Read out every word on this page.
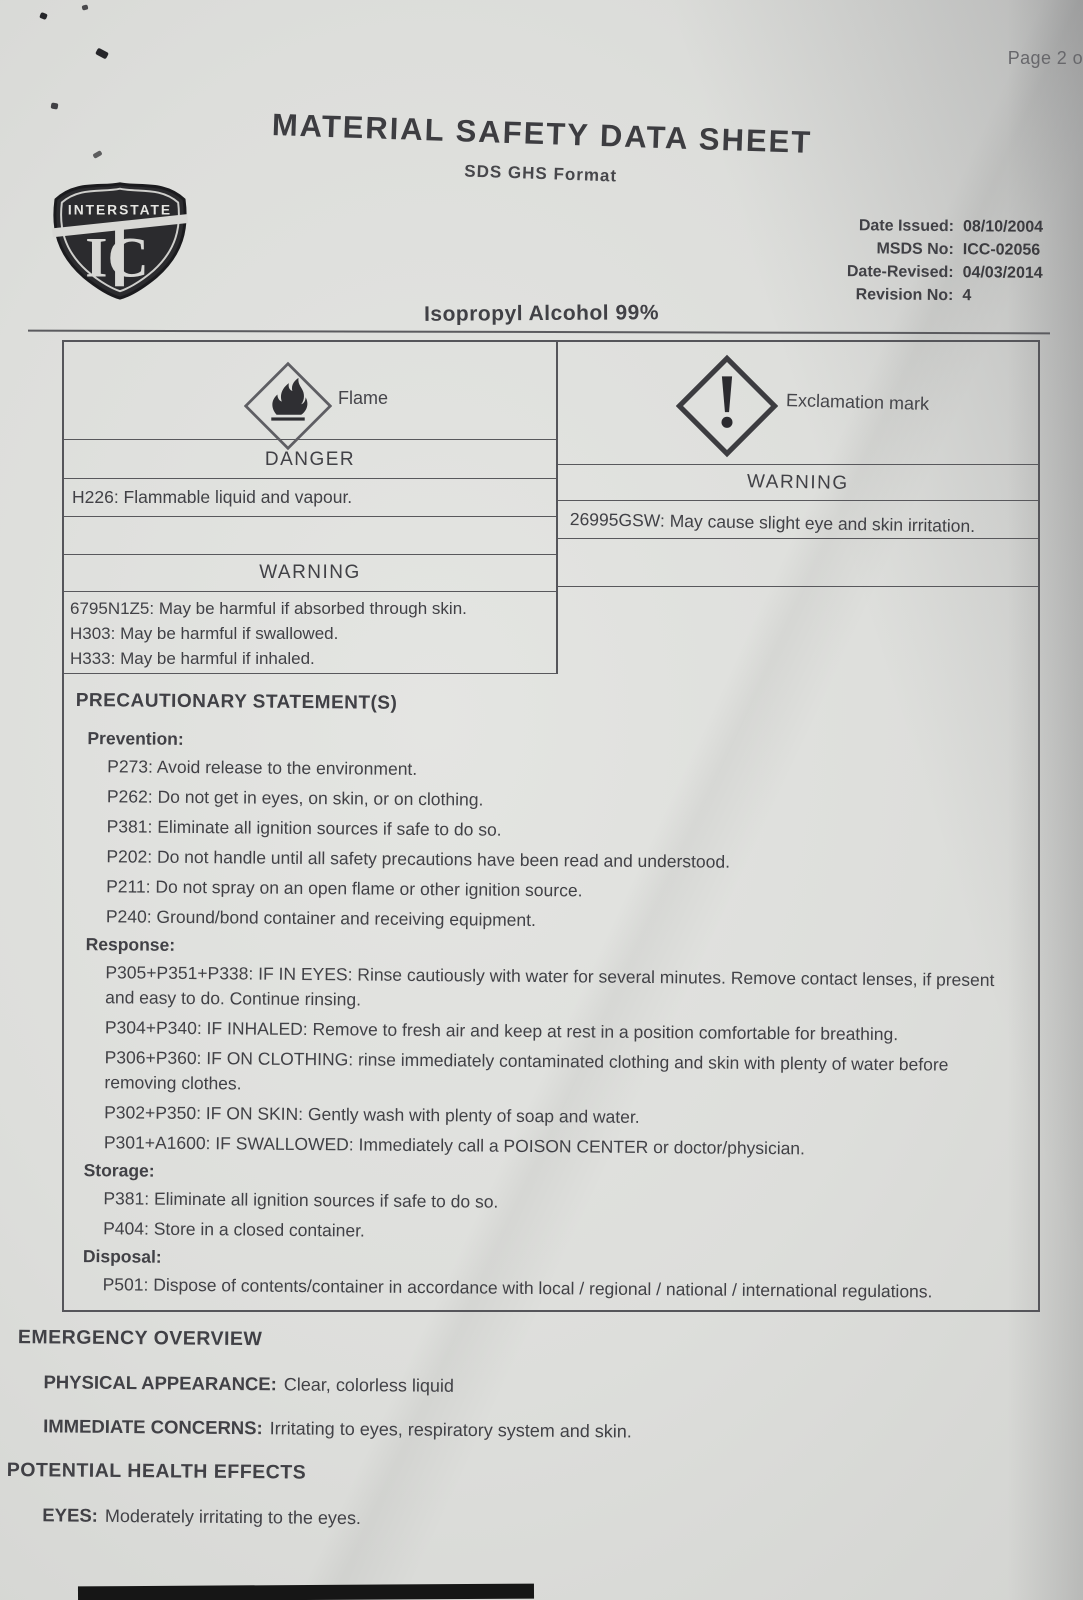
Page 2 o
MATERIAL SAFETY DATA SHEET
SDS GHS Format
INTERSTATE
IC
Date Issued: 08/10/2004
MSDS No: ICC-02056
Date-Revised: 04/03/2014
Revision No: 4
Isopropyl Alcohol 99%
Flame
DANGER
H226: Flammable liquid and vapour.
WARNING
6795N1Z5: May be harmful if absorbed through skin.
H303: May be harmful if swallowed.
H333: May be harmful if inhaled.
Exclamation mark
WARNING
26995GSW: May cause slight eye and skin irritation.
PRECAUTIONARY STATEMENT(S)
Prevention:
P273: Avoid release to the environment.
P262: Do not get in eyes, on skin, or on clothing.
P381: Eliminate all ignition sources if safe to do so.
P202: Do not handle until all safety precautions have been read and understood.
P211: Do not spray on an open flame or other ignition source.
P240: Ground/bond container and receiving equipment.
Response:
P305+P351+P338: IF IN EYES: Rinse cautiously with water for several minutes. Remove contact lenses, if present and easy to do. Continue rinsing.
P304+P340: IF INHALED: Remove to fresh air and keep at rest in a position comfortable for breathing.
P306+P360: IF ON CLOTHING: rinse immediately contaminated clothing and skin with plenty of water before removing clothes.
P302+P350: IF ON SKIN: Gently wash with plenty of soap and water.
P301+A1600: IF SWALLOWED: Immediately call a POISON CENTER or doctor/physician.
Storage:
P381: Eliminate all ignition sources if safe to do so.
P404: Store in a closed container.
Disposal:
P501: Dispose of contents/container in accordance with local / regional / national / international regulations.
EMERGENCY OVERVIEW
PHYSICAL APPEARANCE: Clear, colorless liquid
IMMEDIATE CONCERNS: Irritating to eyes, respiratory system and skin.
POTENTIAL HEALTH EFFECTS
EYES: Moderately irritating to the eyes.
